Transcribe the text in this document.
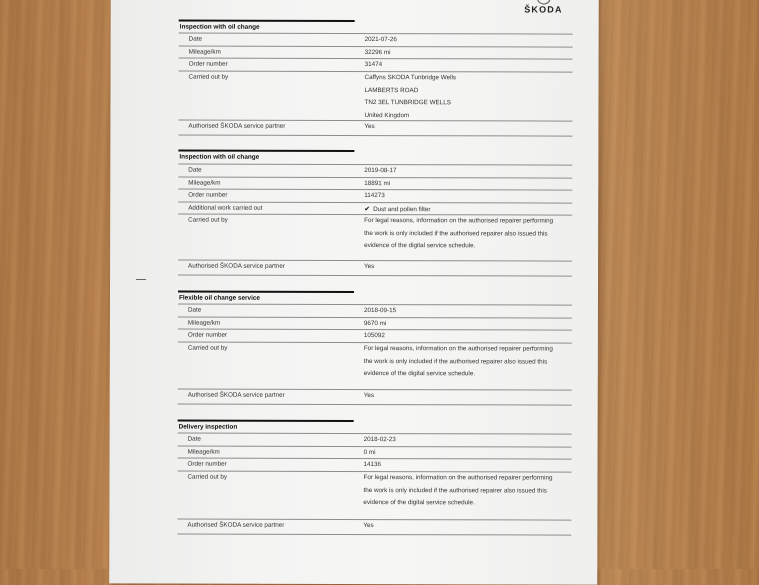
ŠKODA
Inspection with oil change
Date	2021-07-26
Mileage/km	32296 mi
Order number	31474
Carried out by	Caffyns SKODA Tunbridge Wells
LAMBERTS ROAD
TN2 3EL TUNBRIDGE WELLS
United Kingdom
Authorised ŠKODA service partner	Yes
Inspection with oil change
Date	2019-08-17
Mileage/km	18891 mi
Order number	114273
Additional work carried out	✔ Dust and pollen filter
Carried out by	For legal reasons, information on the authorised repairer performing
the work is only included if the authorised repairer also issued this
evidence of the digital service schedule.
Authorised ŠKODA service partner	Yes
Flexible oil change service
Date	2018-09-15
Mileage/km	9670 mi
Order number	105092
Carried out by	For legal reasons, information on the authorised repairer performing
the work is only included if the authorised repairer also issued this
evidence of the digital service schedule.
Authorised ŠKODA service partner	Yes
Delivery inspection
Date	2018-02-23
Mileage/km	0 mi
Order number	14136
Carried out by	For legal reasons, information on the authorised repairer performing
the work is only included if the authorised repairer also issued this
evidence of the digital service schedule.
Authorised ŠKODA service partner	Yes
